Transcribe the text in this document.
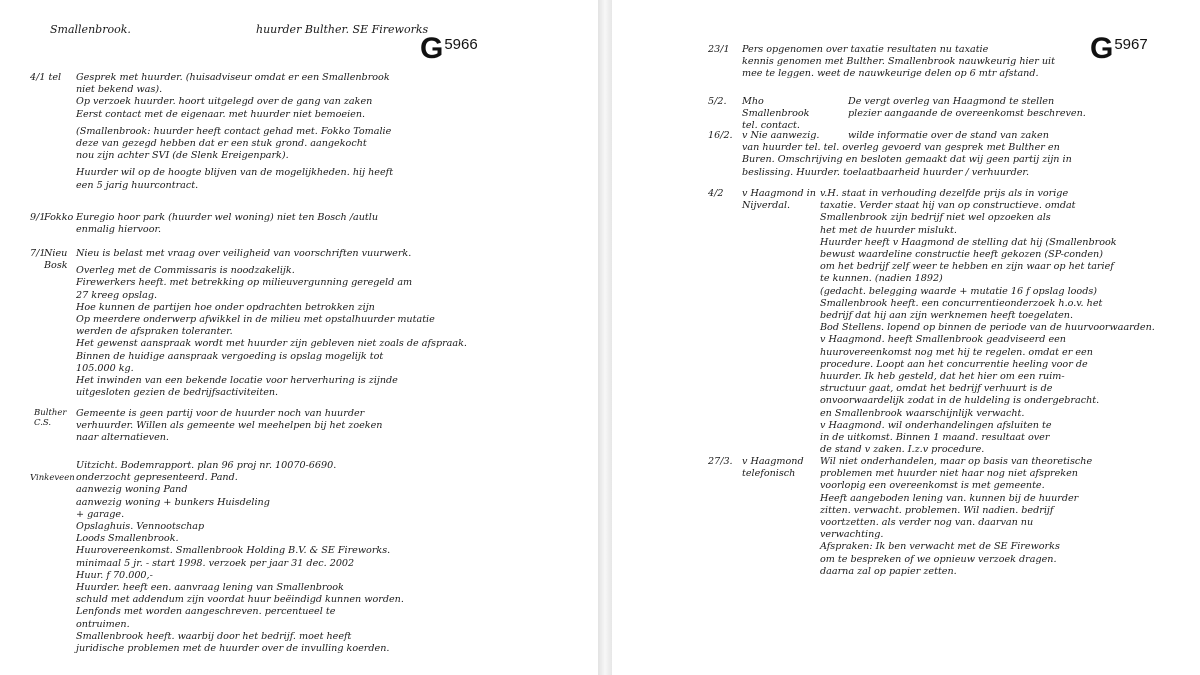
G 5966
Smallenbrook.	huurder Bulther. SE Fireworks
4/1 tel Gesprek met huurder. (huisadviseur omdat er een Smallenbrook
niet bekend was).
Op verzoek huurder. hoort uitgelegd over de gang van zaken
Eerst contact met de eigenaar. met huurder niet bemoeien.
(Smallenbrook: huurder heeft contact gehad met. Fokko Tomalie
deze van gezegd hebben dat er een stuk grond. aangekocht
nou zijn achter SVI (de Slenk Ereigenpark).
Huurder wil op de hoogte blijven van de mogelijkheden. hij heeft
een 5 jarig huurcontract.
9/1
Fokko Euregio hoor park (huurder wel woning) niet ten Bosch /autlu
enmalig hiervoor.
7/1
Nieu Bosk
Nieu is belast met vraag over veiligheid van voorschriften vuurwerk.
Overleg met de Commissaris is noodzakelijk.
Firewerkers heeft. met betrekking op milieuvergunning geregeld am
27 kreeg opslag.
Hoe kunnen de partijen hoe onder opdrachten betrokken zijn
Op meerdere onderwerp afwikkel in de milieu met opstalhuurder mutatie
werden de afspraken toleranter.
Het gewenst aanspraak wordt met huurder zijn gebleven niet zoals de afspraak.
Binnen de huidige aanspraak vergoeding is opslag mogelijk tot
105.000 kg.
Het inwinden van een bekende locatie voor herverhuring is zijnde
uitgesloten gezien de bedrijfsactiviteiten.
Bulther C.S.
Gemeente is geen partij voor de huurder noch van huurder
verhuurder. Willen als gemeente wel meehelpen bij het zoeken
naar alternatieven.
Vinkeveen
Uitzicht. Bodemrapport. plan 96 proj nr. 10070-6690.
onderzocht gepresenteerd. Pand.
aanwezig woning Pand
aanwezig woning + bunkers Huisdeling
+ garage.
Opslaghuis. Vennootschap
Loods Smallenbrook.
Huurovereenkomst. Smallenbrook Holding B.V. & SE Fireworks.
minimaal 5 jr. - start 1998. verzoek per jaar 31 dec. 2002
Huur. f 70.000,-
Huurder. heeft een. aanvraag lening van Smallenbrook
schuld met addendum zijn voordat huur beëindigd kunnen worden.
Lenfonds met worden aangeschreven. percentueel te
ontruimen.
Smallenbrook heeft. waarbij door het bedrijf. moet heeft
juridische problemen met de huurder over de invulling koerden.
G 5967
23/1 Pers opgenomen over taxatie resultaten nu taxatie
kennis genomen met Bulther. Smallenbrook nauwkeurig hier uit
mee te leggen. weet de nauwkeurige delen op 6 mtr afstand.
5/2. Mho Smallenbrook tel. contact.
De vergt overleg van Haagmond te stellen
plezier aangaande de overeenkomst beschreven.
16/2. v Nie aanwezig.	wilde informatie over de stand van zaken
van huurder tel. tel. overleg gevoerd van gesprek met Bulther en
Buren. Omschrijving en besloten gemaakt dat wij geen partij zijn in
beslissing. Huurder. toelaatbaarheid huurder / verhuurder.
4/2 v Haagmond in Nijverdal.
v.H. staat in verhouding dezelfde prijs als in vorige
taxatie. Verder staat hij van op constructieve. omdat
Smallenbrook zijn bedrijf niet wel opzoeken als
het met de huurder mislukt.
Huurder heeft v Haagmond de stelling dat hij (Smallenbrook
bewust waardeline constructie heeft gekozen (SP-conden)
om het bedrijf zelf weer te hebben en zijn waar op het tarief
te kunnen. (nadien 1892)
(gedacht. belegging waarde + mutatie 16 f opslag loods)
Smallenbrook heeft. een concurrentieonderzoek h.o.v. het
bedrijf dat hij aan zijn werknemen heeft toegelaten.
Bod Stellens. lopend op binnen de periode van de huurvoorwaarden.
v Haagmond. heeft Smallenbrook geadviseerd een
huurovereenkomst nog met hij te regelen. omdat er een
procedure. Loopt aan het concurrentie heeling voor de
huurder. Ik heb gesteld, dat het hier om een ruim-
structuur gaat, omdat het bedrijf verhuurt is de
onvoorwaardelijk zodat in de huldeling is ondergebracht.
en Smallenbrook waarschijnlijk verwacht.
v Haagmond. wil onderhandelingen afsluiten te
in de uitkomst. Binnen 1 maand. resultaat over
de stand v zaken. I.z.v procedure.
27/3. v Haagmond telefonisch
Wil niet onderhandelen, maar op basis van theoretische
problemen met huurder niet haar nog niet afspreken
voorlopig een overeenkomst is met gemeente.
Heeft aangeboden lening van. kunnen bij de huurder
zitten. verwacht. problemen. Wil nadien. bedrijf
voortzetten. als verder nog van. daarvan nu
verwachting.
Afspraken: Ik ben verwacht met de SE Fireworks
om te bespreken of we opnieuw verzoek dragen.
daarna zal op papier zetten.
